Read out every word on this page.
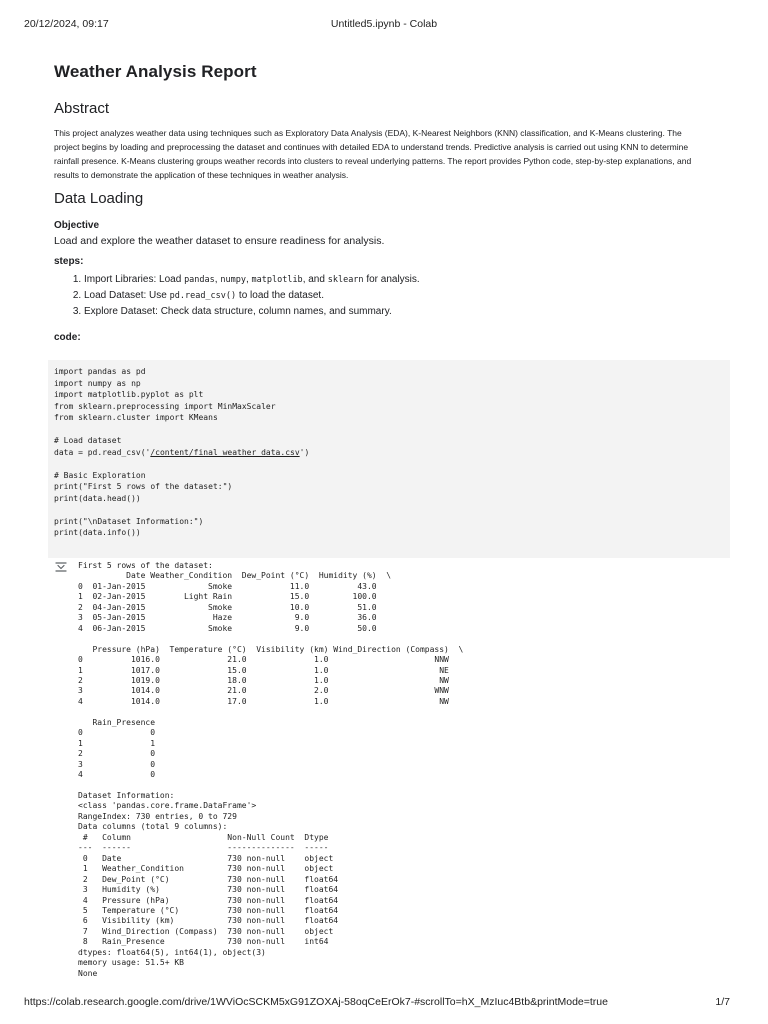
20/12/2024, 09:17	Untitled5.ipynb - Colab
Weather Analysis Report
Abstract
This project analyzes weather data using techniques such as Exploratory Data Analysis (EDA), K-Nearest Neighbors (KNN) classification, and K-Means clustering. The project begins by loading and preprocessing the dataset and continues with detailed EDA to understand trends. Predictive analysis is carried out using KNN to determine rainfall presence. K-Means clustering groups weather records into clusters to reveal underlying patterns. The report provides Python code, step-by-step explanations, and results to demonstrate the application of these techniques in weather analysis.
Data Loading
Objective
Load and explore the weather dataset to ensure readiness for analysis.
steps:
1. Import Libraries: Load pandas, numpy, matplotlib, and sklearn for analysis.
2. Load Dataset: Use pd.read_csv() to load the dataset.
3. Explore Dataset: Check data structure, column names, and summary.
code:
import pandas as pd
import numpy as np
import matplotlib.pyplot as plt
from sklearn.preprocessing import MinMaxScaler
from sklearn.cluster import KMeans

# Load dataset
data = pd.read_csv('/content/final_weather_data.csv')

# Basic Exploration
print("First 5 rows of the dataset:")
print(data.head())

print("\nDataset Information:")
print(data.info())
First 5 rows of the dataset:
Date Weather_Condition  Dew_Point (°C)  Humidity (%)  \
0  01-Jan-2015             Smoke            11.0          43.0
1  02-Jan-2015        Light Rain            15.0         100.0
2  04-Jan-2015             Smoke            10.0          51.0
3  05-Jan-2015              Haze             9.0          36.0
4  06-Jan-2015             Smoke             9.0          50.0

Pressure (hPa)  Temperature (°C)  Visibility (km) Wind_Direction (Compass)  \
0          1016.0              21.0              1.0                      NNW
1          1017.0              15.0              1.0                       NE
2          1019.0              18.0              1.0                       NW
3          1014.0              21.0              2.0                      WNW
4          1014.0              17.0              1.0                       NW

Rain_Presence
0              0
1              1
2              0
3              0
4              0

Dataset Information:
<class 'pandas.core.frame.DataFrame'>
RangeIndex: 730 entries, 0 to 729
Data columns (total 9 columns):
#   Column                    Non-Null Count  Dtype
---  ------                    --------------  -----
0   Date                      730 non-null    object
1   Weather_Condition         730 non-null    object
2   Dew_Point (°C)            730 non-null    float64
3   Humidity (%)              730 non-null    float64
4   Pressure (hPa)            730 non-null    float64
5   Temperature (°C)          730 non-null    float64
6   Visibility (km)           730 non-null    float64
7   Wind_Direction (Compass)  730 non-null    object
8   Rain_Presence             730 non-null    int64
dtypes: float64(5), int64(1), object(3)
memory usage: 51.5+ KB
None
https://colab.research.google.com/drive/1WViOcSCKM5xG91ZOXAj-58oqCeErOk7-#scrollTo=hX_MzIuc4Btb&printMode=true	1/7
